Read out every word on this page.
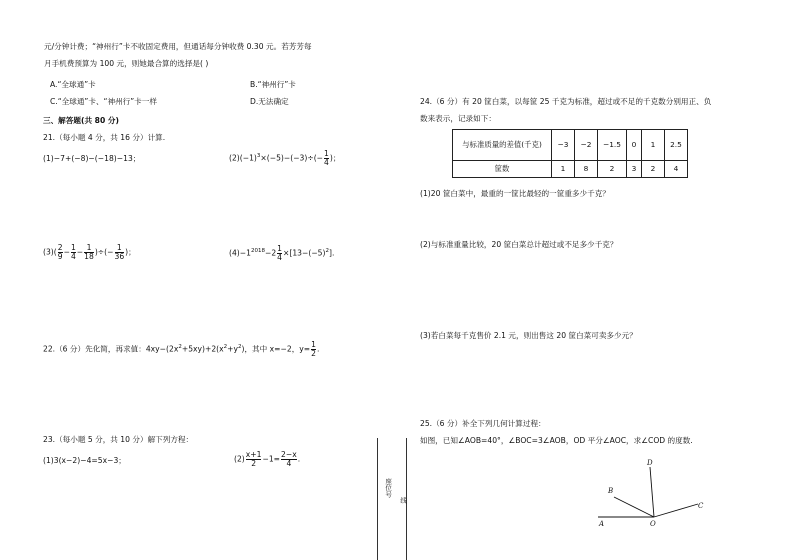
元/分钟计费；“神州行”卡不收固定费用，但通话每分钟收费 0.30 元。若芳芳每
月手机费预算为 100 元，则她最合算的选择是( )
A.“全球通”卡	B.“神州行”卡
C.“全球通”卡、“神州行”卡一样	D.无法确定
三、解答题(共 80 分)
21.（每小题 4 分，共 16 分）计算.
(1)−7+(−8)−(−18)−13；	$(2)(-1)^3\times(-5)-(-3)\div(- \frac{1}{4}$ )；
$(3)( \frac{2}{9} - \frac{1}{4} - \frac{1}{18}$ )÷(− $\frac{1}{36}$ )；	$(4)-1^{2018}-2 \frac{1}{4} \times[13-(-5)^2]$.
22.（6 分）先化简，再求值：$4xy-(2x^2+5xy)+2(x^2+y^2)$，其中 x=−2，$y= \frac{1}{2}$ .
23.（每小题 5 分，共 10 分）解下列方程：
(1)3(x−2)−4=5x−3；	$(2) \frac{x+1}{2} -1= \frac{2-x}{4}$ .
座位号
线
24.（6 分）有 20 筐白菜，以每筐 25 千克为标准，超过或不足的千克数分别用正、负
数来表示，记录如下：
与标准质量的差值(千克)	−3	−2	−1.5	0	1	2.5
筐数	1	8	2	3	2	4
(1)20 筐白菜中，最重的一筐比最轻的一筐重多少千克？
(2)与标准重量比较，20 筐白菜总计超过或不足多少千克？
(3)若白菜每千克售价 2.1 元，则出售这 20 筐白菜可卖多少元？
25.（6 分）补全下列几何计算过程：
如图，已知∠AOB=40°，∠BOC=3∠AOB，OD 平分∠AOC，求∠COD 的度数.
A
B
D
C
O
